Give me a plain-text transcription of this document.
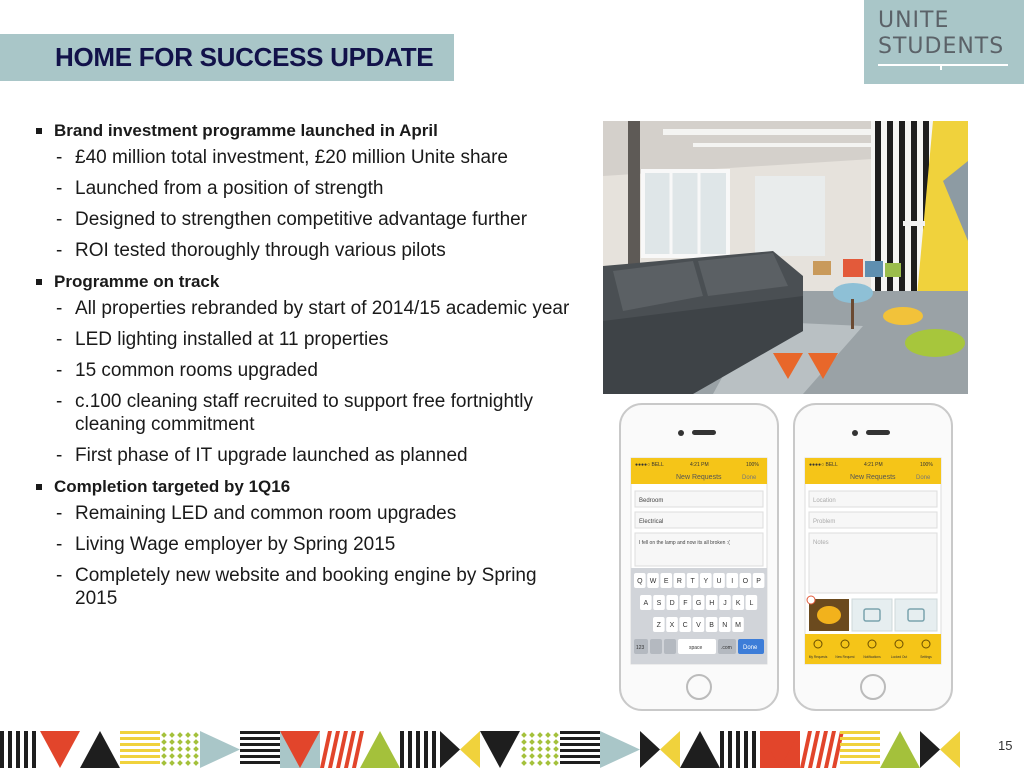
HOME FOR SUCCESS UPDATE
UNITE
STUDENTS
Brand investment programme launched in April
- £40 million total investment, £20 million Unite share
- Launched from a position of strength
- Designed to strengthen competitive advantage further
- ROI tested thoroughly through various pilots
Programme on track
- All properties rebranded by start of 2014/15 academic year
- LED lighting installed at 11 properties
- 15 common rooms upgraded
- c.100 cleaning staff recruited to support free fortnightly cleaning commitment
- First phase of IT upgrade launched as planned
Completion targeted by 1Q16
- Remaining LED and common room upgrades
- Living Wage employer by Spring 2015
- Completely new website and booking engine by Spring 2015
●●●●○ BELL	4:21 PM	100%
New Requests	Done
Bedroom
Electrical
I fell on the lamp and now its all broken :(
Q W E R T Y U I O P
A S D F G H J K L
Z X C V B N M
123	space	.com Done
●●●●○ BELL	4:21 PM	100%
New Requests	Done
Location
Problem
Notes
My Requests	New Request	Notifications	Locked Out	Settings
15
